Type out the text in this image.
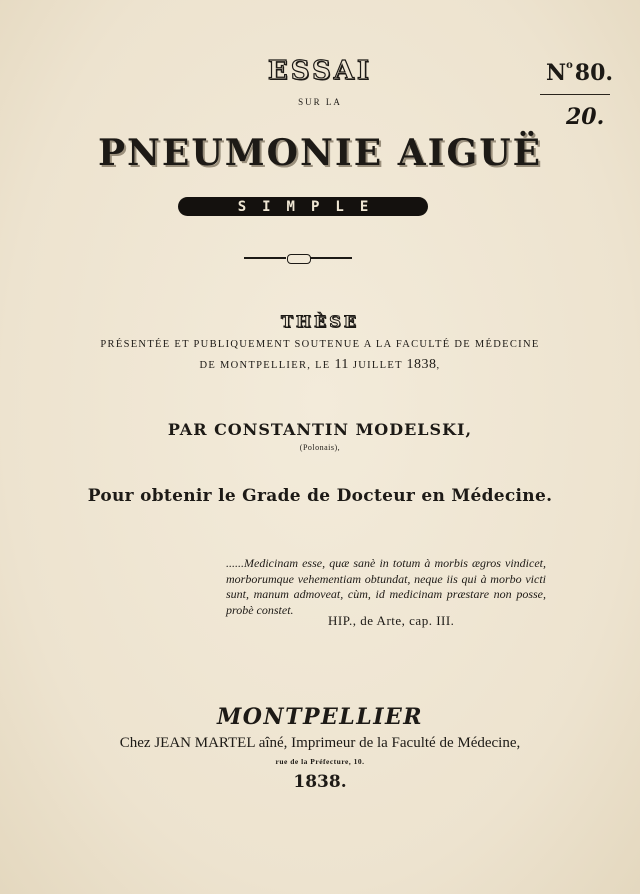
ESSAI	$N^o80$.
20.
SUR LA
PNEUMONIE AIGUË
SIMPLE
THÈSE
PRÉSENTÉE ET PUBLIQUEMENT SOUTENUE A LA FACULTÉ DE MÉDECINE
DE MONTPELLIER, LE 11 JUILLET 1838,
PAR CONSTANTIN MODELSKI,
(Polonais),
Pour obtenir le Grade de Docteur en Médecine.
......Medicinam esse, quæ sanè in totum à morbis ægros vindicet, morborumque vehementiam obtundat, neque iis qui à morbo victi sunt, manum admoveat, cùm, id medicinam præstare non posse, probè constet.
HIP., de Arte, cap. III.
MONTPELLIER
Chez JEAN MARTEL aîné, Imprimeur de la Faculté de Médecine,
rue de la Préfecture, 10.
1838.
